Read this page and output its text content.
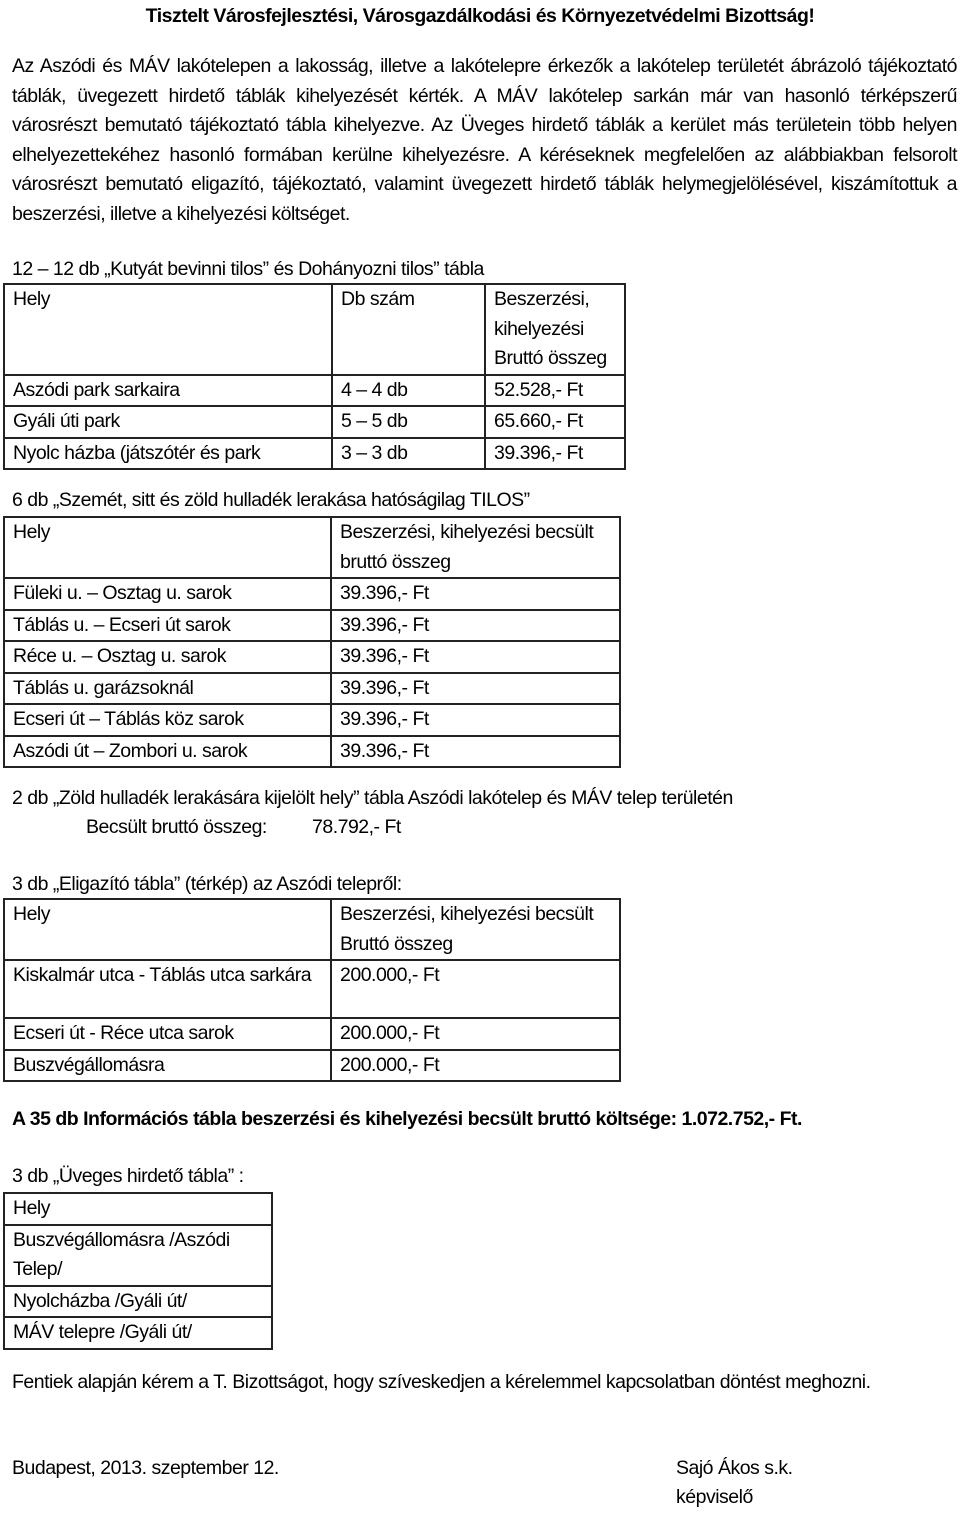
Tisztelt Városfejlesztési, Városgazdálkodási és Környezetvédelmi Bizottság!

Az Aszódi és MÁV lakótelepen a lakosság, illetve a lakótelepre érkezők a lakótelep területét ábrázoló tájékoztató táblák, üvegezett hirdető táblák kihelyezését kérték. A MÁV lakótelep sarkán már van hasonló térképszerű városrészt bemutató tájékoztató tábla kihelyezve. Az Üveges hirdető táblák a kerület más területein több helyen elhelyezettekéhez hasonló formában kerülne kihelyezésre. A kéréseknek megfelelően az alábbiakban felsorolt városrészt bemutató eligazító, tájékoztató, valamint üvegezett hirdető táblák helymegjelölésével, kiszámítottuk a beszerzési, illetve a kihelyezési költséget.

12 – 12 db „Kutyát bevinni tilos” és Dohányozni tilos” tábla
Hely	Db szám	Beszerzési, kihelyezési Bruttó összeg
Aszódi park sarkaira	4 – 4 db	52.528,- Ft
Gyáli úti park	5 – 5 db	65.660,- Ft
Nyolc házba (játszótér és park	3 – 3 db	39.396,- Ft
6 db „Szemét, sitt és zöld hulladék lerakása hatóságilag TILOS”
Hely	Beszerzési, kihelyezési becsült bruttó összeg
Füleki u. – Osztag u. sarok	39.396,- Ft
Táblás u. – Ecseri út sarok	39.396,- Ft
Réce u. – Osztag u. sarok	39.396,- Ft
Táblás u. garázsoknál	39.396,- Ft
Ecseri út – Táblás köz sarok	39.396,- Ft
Aszódi út – Zombori u. sarok	39.396,- Ft
2 db „Zöld hulladék lerakására kijelölt hely” tábla Aszódi lakótelep és MÁV telep területén
Becsült bruttó összeg: 78.792,- Ft
3 db „Eligazító tábla” (térkép) az Aszódi telepről:
Hely	Beszerzési, kihelyezési becsült Bruttó összeg
Kiskalmár utca - Táblás utca sarkára	200.000,- Ft
Ecseri út - Réce utca sarok	200.000,- Ft
Buszvégállomásra	200.000,- Ft
A 35 db Információs tábla beszerzési és kihelyezési becsült bruttó költsége: 1.072.752,- Ft.
3 db „Üveges hirdető tábla” :
Hely
Buszvégállomásra /Aszódi Telep/
Nyolcházba /Gyáli út/
MÁV telepre /Gyáli út/

Fentiek alapján kérem a T. Bizottságot, hogy szíveskedjen a kérelemmel kapcsolatban döntést meghozni.

Budapest, 2013. szeptember 12.	Sajó Ákos s.k.
képviselő
